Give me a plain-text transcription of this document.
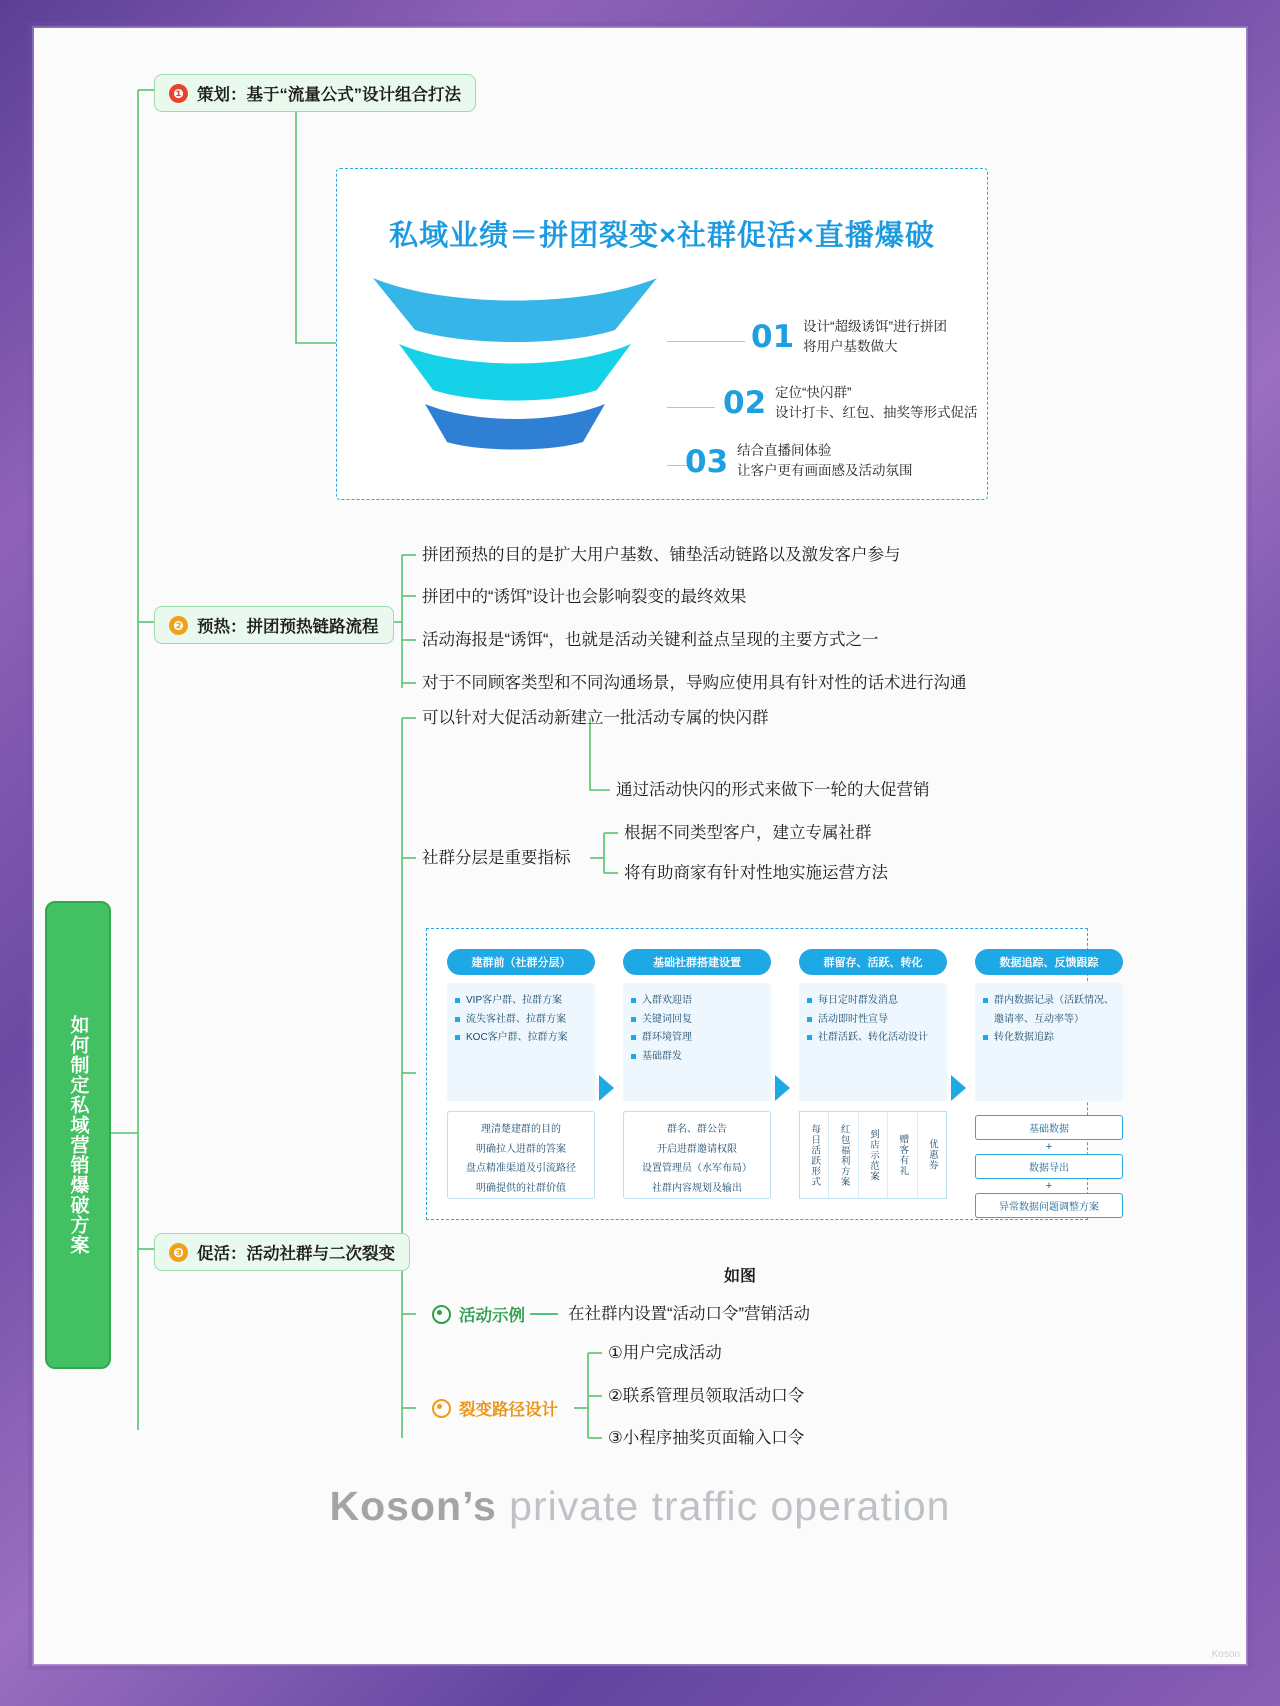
如何制定私域营销爆破方案
❶ 策划：基于“流量公式”设计组合打法
私域业绩＝拼团裂变×社群促活×直播爆破
01 设计“超级诱饵”进行拼团
将用户基数做大
02 定位“快闪群”
设计打卡、红包、抽奖等形式促活
03 结合直播间体验
让客户更有画面感及活动氛围
❷ 预热：拼团预热链路流程
拼团预热的目的是扩大用户基数、铺垫活动链路以及激发客户参与
拼团中的“诱饵”设计也会影响裂变的最终效果
活动海报是“诱饵“，也就是活动关键利益点呈现的主要方式之一
对于不同顾客类型和不同沟通场景，导购应使用具有针对性的话术进行沟通
❸ 促活：活动社群与二次裂变
可以针对大促活动新建立一批活动专属的快闪群
通过活动快闪的形式来做下一轮的大促营销
社群分层是重要指标
根据不同类型客户，建立专属社群
将有助商家有针对性地实施运营方法
建群前（社群分层）
VIP客户群、拉群方案
流失客社群、拉群方案
KOC客户群、拉群方案
理清楚建群的目的
明确拉人进群的答案
盘点精准渠道及引流路径
明确提供的社群价值
基础社群搭建设置
入群欢迎语
关键词回复
群环境管理
基础群发
群名、群公告
开启进群邀请权限
设置管理员（水军布局）
社群内容规划及输出
群留存、活跃、转化
每日定时群发消息
活动即时性宣导
社群活跃、转化活动设计
每日活跃形式 红包福利方案 到店示范案 赠客有礼 优惠券
数据追踪、反馈跟踪
群内数据记录（活跃情况、邀请率、互动率等）
转化数据追踪
基础数据
+
数据导出
+
异常数据问题调整方案
如图
活动示例	在社群内设置“活动口令”营销活动
裂变路径设计
①用户完成活动
②联系管理员领取活动口令
③小程序抽奖页面输入口令
Koson’s private traffic operation
Koson
